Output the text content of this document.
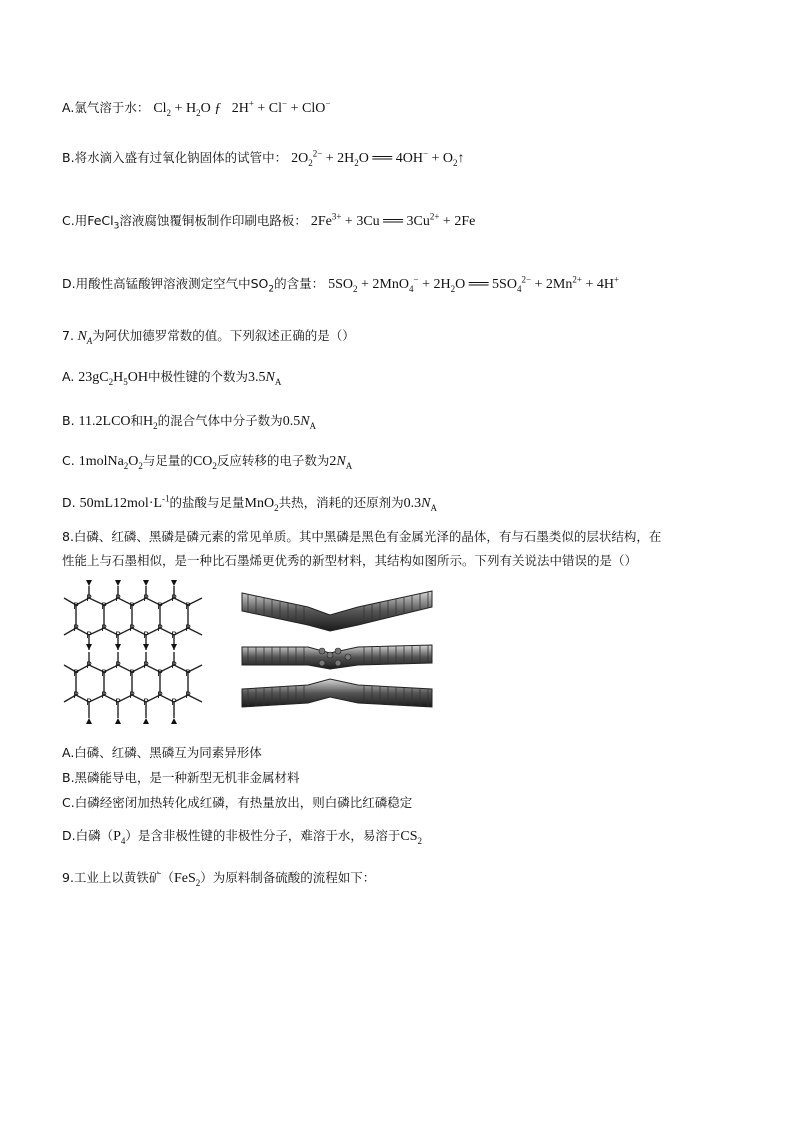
A.氯气溶于水： $Cl_2 + H_2O$ ƒ   2H+ + Cl− + ClO−
B.将水滴入盛有过氧化钠固体的试管中： $2O_2^{2-} + 2H_2O$ ══ $4OH^- + O_2↑$
C.用FeCl$_3$溶液腐蚀覆铜板制作印刷电路板： $2Fe^{3+} + 3Cu$ ══ $3Cu^{2+} + 2Fe$
D.用酸性高锰酸钾溶液测定空气中$SO_2$的含量： $5SO_2 + 2MnO_4^- + 2H_2O$ ══ $5SO_4^{2-} + 2Mn^{2+} + 4H^+$
7. $N_A$为阿伏加德罗常数的值。下列叙述正确的是（）
A. $23gC_2H_5OH$中极性键的个数为$3.5N_A$
B. 11.2LCO和$H_2$的混合气体中分子数为$0.5N_A$
C. $1molNa_2O_2$与足量的$CO_2$反应转移的电子数为$2N_A$
D. $50mL12mol\cdot L^{-1}$的盐酸与足量MnO$_2$共热，消耗的还原剂为$0.3N_A$
8.白磷、红磷、黑磷是磷元素的常见单质。其中黑磷是黑色有金属光泽的晶体，有与石墨类似的层状结构，在
性能上与石墨相似，是一种比石墨烯更优秀的新型材料，其结构如图所示。下列有关说法中错误的是（）
P	P	P	P
P	P	P	P	P
P	P	P	P	P
P	P	P	P
P	P	P	P
P	P	P	P	P
P	P	P	P	P
P	P	P	P
A.白磷、红磷、黑磷互为同素异形体
B.黑磷能导电，是一种新型无机非金属材料
C.白磷经密闭加热转化成红磷，有热量放出，则白磷比红磷稳定
D.白磷$(P_4)$是含非极性键的非极性分子，难溶于水，易溶于$CS_2$
9.工业上以黄铁矿（FeS$_2$）为原料制备硫酸的流程如下：
